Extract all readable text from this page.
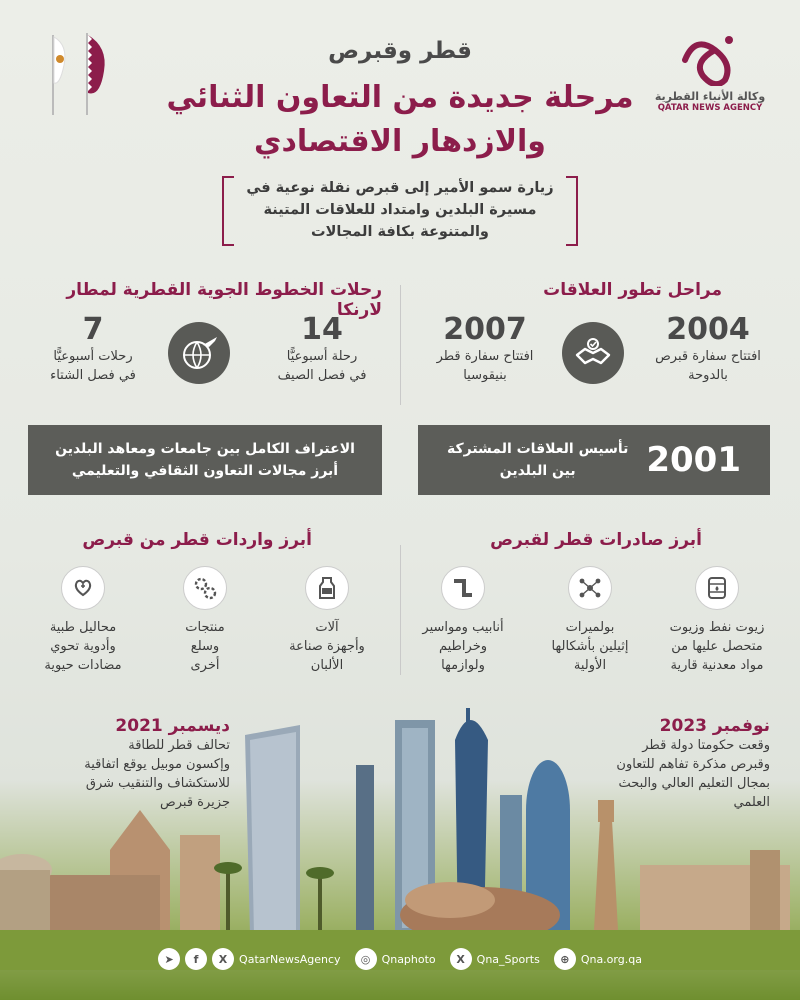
وكالة الأنباء القطرية
QATAR NEWS AGENCY
قطر وقبرص
مرحلة جديدة من التعاون الثنائي
والازدهار الاقتصادي
زيارة سمو الأمير إلى قبرص نقلة نوعية في
مسيرة البلدين وامتداد للعلاقات المتينة
والمتنوعة بكافة المجالات
مراحل تطور العلاقات
2004
افتتاح سفارة قبرص
بالدوحة
2007
افتتاح سفارة قطر
بنيقوسيا
رحلات الخطوط الجوية القطرية لمطار لارنكا
14
رحلة أسبوعيًّا
في فصل الصيف
7
رحلات أسبوعيًّا
في فصل الشتاء
2001
تأسيس العلاقات المشتركة
بين البلدين
الاعتراف الكامل بين جامعات ومعاهد البلدين
أبرز مجالات التعاون الثقافي والتعليمي
أبرز صادرات قطر لقبرص
زيوت نفط وزيوت
متحصل عليها من
مواد معدنية قارية
بولميرات
إثيلين بأشكالها
الأولية
أنابيب ومواسير
وخراطيم
ولوازمها
أبرز واردات قطر من قبرص
آلات
وأجهزة صناعة
الألبان
منتجات
وسلع
أخرى
محاليل طبية
وأدوية تحوي
مضادات حيوية
نوفمبر 2023
وقعت حكومتا دولة قطر
وقبرص مذكرة تفاهم للتعاون
بمجال التعليم العالي والبحث
العلمي
ديسمبر 2021
تحالف قطر للطاقة
وإكسون موبيل يوقع اتفاقية
للاستكشاف والتنقيب شرق
جزيرة قبرص
➤	f	X	QatarNewsAgency	◎	Qnaphoto	X	Qna_Sports	⊕	Qna.org.qa
